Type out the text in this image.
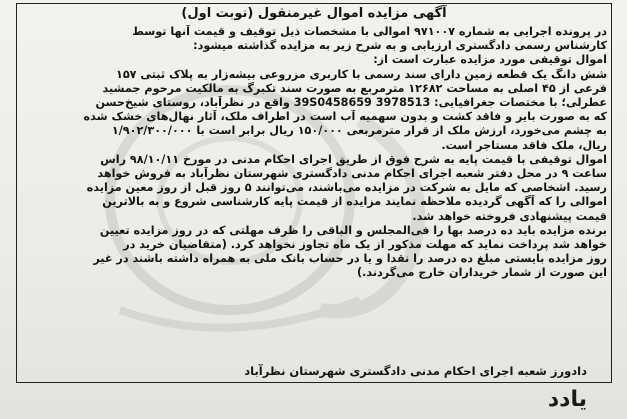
آگهی مزایده اموال غیرمنقول (نوبت اول)
در پرونده اجرایی به شماره ۹۷۱۰۰۷ اموالی با مشخصات ذیل توقیف و قیمت آنها توسط
کارشناس رسمی دادگستری ارزیابی و به شرح زیر به مزایده گذاشته میشود:
اموال توقیفی مورد مزایده عبارت است از:
شش دانگ یک قطعه زمین دارای سند رسمی با کاربری مزروعی بیشه‌زار به پلاک ثبتی ۱۵۷
فرعی از ۴۵ اصلی به مساحت ۱۲۶۸۲ مترمربع به صورت سند تکبرگ به مالکیت مرحوم جمشید
عطرلی؛ با مختصات جغرافیایی: 3978513 39S0458659 واقع در نظرآباد، روستای شیخ‌حسن
که به صورت بایر و فاقد کشت و بدون سهمیه آب است در اطراف ملک، آثار نهال‌های خشک شده
به چشم می‌خورد، ارزش ملک از قرار مترمربعی ۱۵۰/۰۰۰ ریال برابر است با ۱/۹۰۲/۳۰۰/۰۰۰
ریال، ملک فاقد مستاجر است.
اموال توقیفی با قیمت پایه به شرح فوق از طریق اجرای احکام مدنی در مورخ ۹۸/۱۰/۱۱ راس
ساعت ۹ در محل دفتر شعبه اجرای احکام مدنی دادگستری شهرستان نظرآباد به فروش خواهد
رسید. اشخاصی که مایل به شرکت در مزایده می‌باشند، می‌توانند ۵ روز قبل از روز معین مزایده
اموالی را که آگهی گردیده ملاحظه نمایند مزایده از قیمت پایه کارشناسی شروع و به بالاترین
قیمت پیشنهادی فروخته خواهد شد.
برنده مزایده باید ده درصد بها را فی‌المجلس و الباقی را ظرف مهلتی که در روز مزایده تعیین
خواهد شد پرداخت نماید که مهلت مذکور از یک ماه تجاوز نخواهد کرد. (متقاضیان خرید در
روز مزایده بایستی مبلغ ده درصد را نقدا و یا در حساب بانک ملی به همراه داشته باشند در غیر
این صورت از شمار خریداران خارج می‌گردند.)
دادورز شعبه اجرای احکام مدنی دادگستری شهرستان نظرآباد
یادد
